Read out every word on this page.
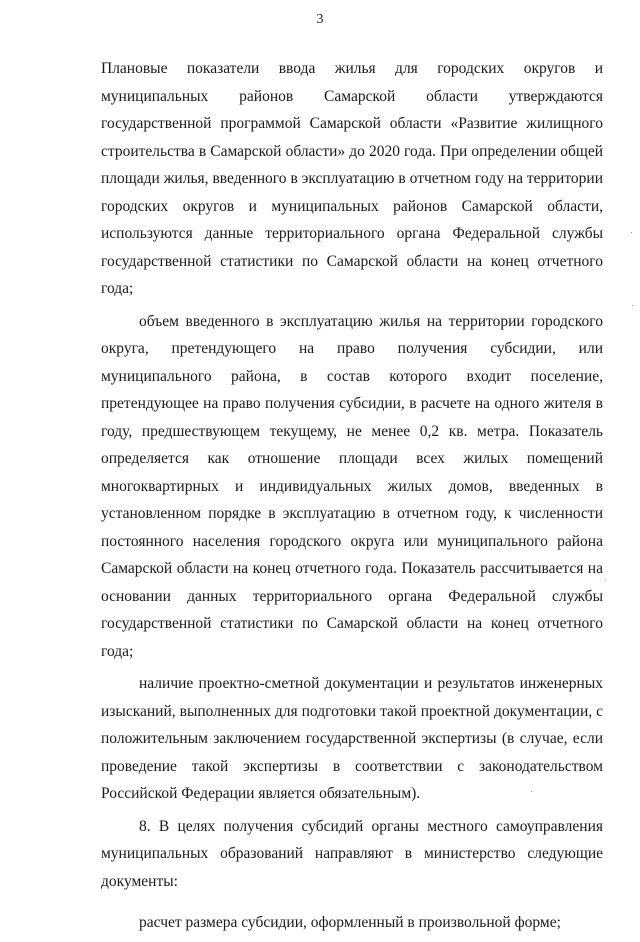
3

Плановые показатели ввода жилья для городских округов и муниципальных районов Самарской области утверждаются государственной программой Самарской области «Развитие жилищного строительства в Самарской области» до 2020 года. При определении общей площади жилья, введенного в эксплуатацию в отчетном году на территории городских округов и муниципальных районов Самарской области, используются данные территориального органа Федеральной службы государственной статистики по Самарской области на конец отчетного года;

объем введенного в эксплуатацию жилья на территории городского округа, претендующего на право получения субсидии, или муниципального района, в состав которого входит поселение, претендующее на право получения субсидии, в расчете на одного жителя в году, предшествующем текущему, не менее 0,2 кв. метра. Показатель определяется как отношение площади всех жилых помещений многоквартирных и индивидуальных жилых домов, введенных в установленном порядке в эксплуатацию в отчетном году, к численности постоянного населения городского округа или муниципального района Самарской области на конец отчетного года. Показатель рассчитывается на основании данных территориального органа Федеральной службы государственной статистики по Самарской области на конец отчетного года;

наличие проектно-сметной документации и результатов инженерных изысканий, выполненных для подготовки такой проектной документации, с положительным заключением государственной экспертизы (в случае, если проведение такой экспертизы в соответствии с законодательством Российской Федерации является обязательным).

8. В целях получения субсидий органы местного самоуправления муниципальных образований направляют в министерство следующие документы:

расчет размера субсидии, оформленный в произвольной форме;
